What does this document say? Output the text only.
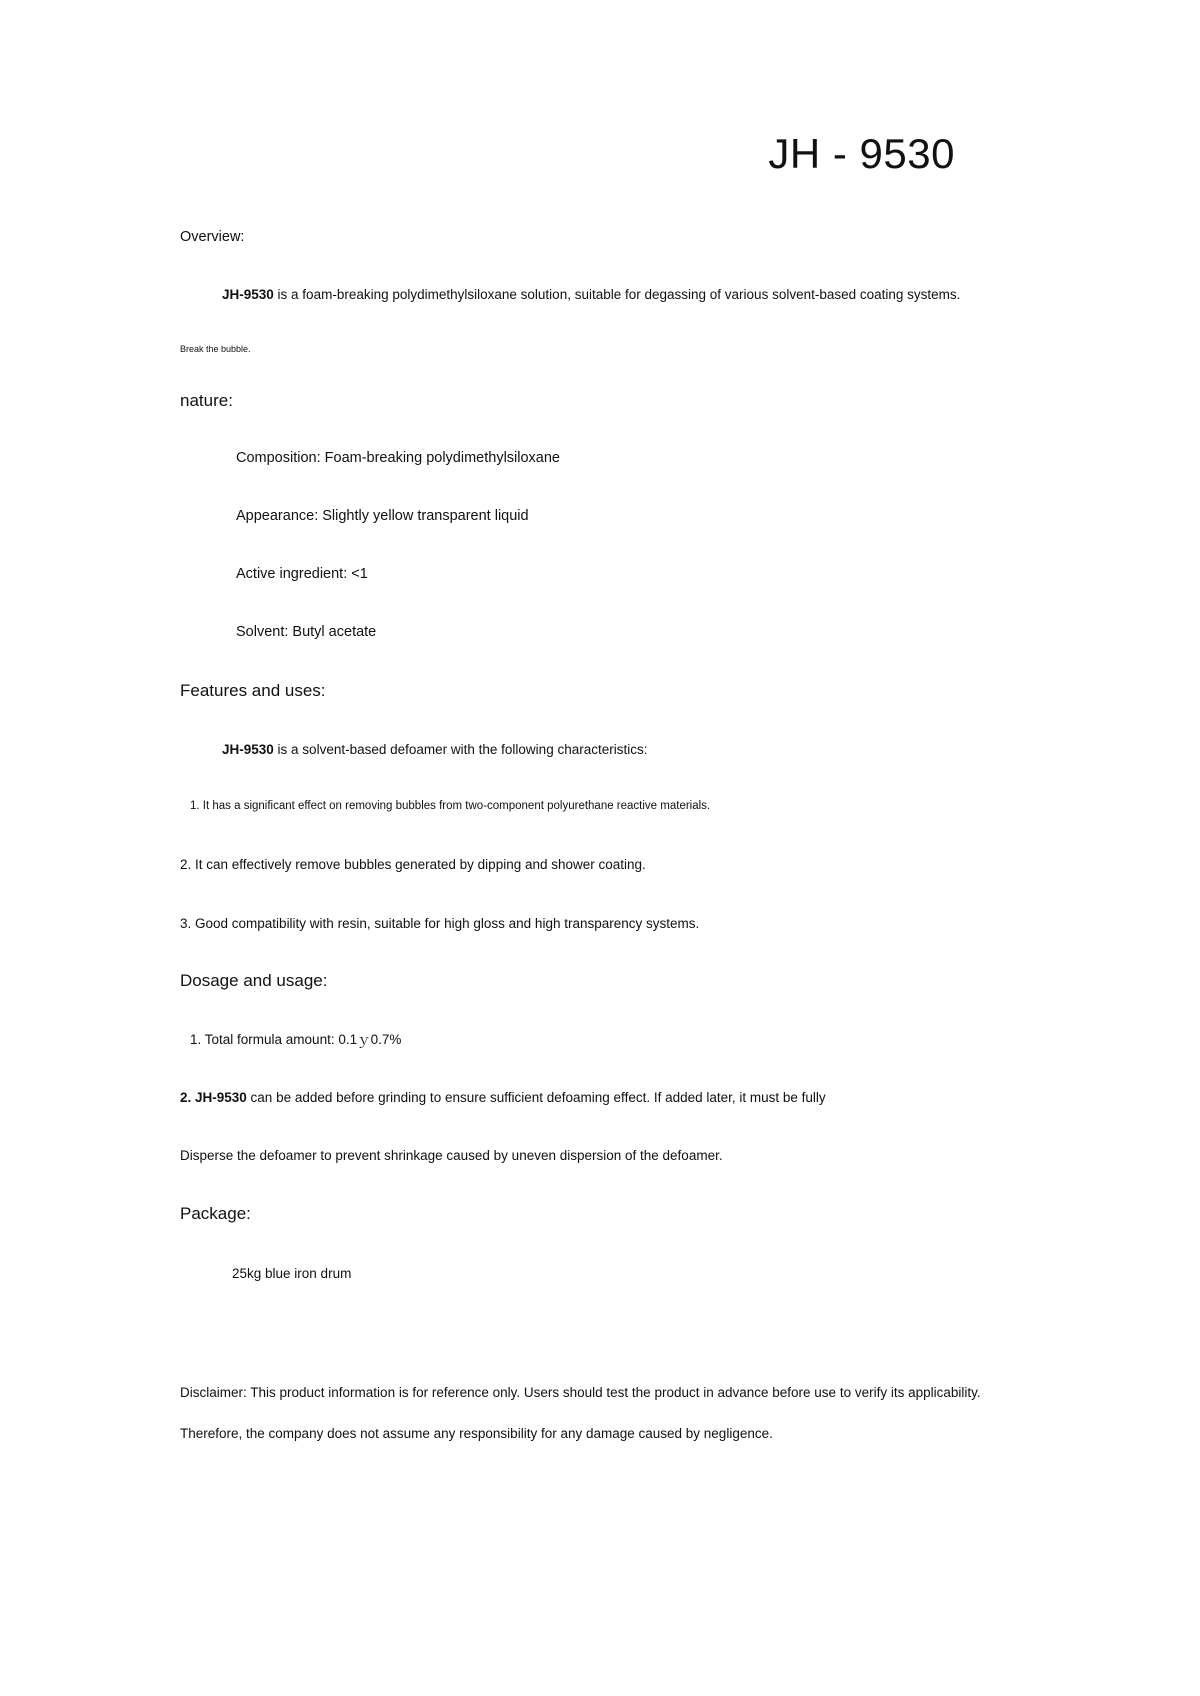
JH - 9530
Overview:
JH-9530 is a foam-breaking polydimethylsiloxane solution, suitable for degassing of various solvent-based coating systems.
Break the bubble.
nature:
Composition: Foam-breaking polydimethylsiloxane
Appearance: Slightly yellow transparent liquid
Active ingredient: <1
Solvent: Butyl acetate
Features and uses:
JH-9530 is a solvent-based defoamer with the following characteristics:
1. It has a significant effect on removing bubbles from two-component polyurethane reactive materials.
2. It can effectively remove bubbles generated by dipping and shower coating.
3. Good compatibility with resin, suitable for high gloss and high transparency systems.
Dosage and usage:
1. Total formula amount: 0.1ｙ0.7%
2. JH-9530 can be added before grinding to ensure sufficient defoaming effect. If added later, it must be fully
Disperse the defoamer to prevent shrinkage caused by uneven dispersion of the defoamer.
Package:
25kg blue iron drum
Disclaimer: This product information is for reference only. Users should test the product in advance before use to verify its applicability.
Therefore, the company does not assume any responsibility for any damage caused by negligence.
